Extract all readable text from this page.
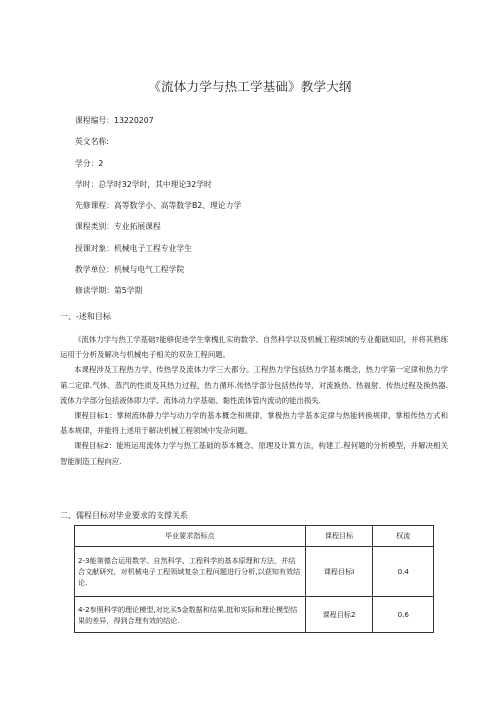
《流体力学与热工学基础》教学大纲
课程编号：13220207
英文名称:
学分：2
学时：总学时32学时，其中理论32学时
先修课程：高等数学小、高等数学B2、理论力学
课程类别：专业拓展课程
授课对象：机械电子工程专业学生
教学单位：机械与电气工程学院
修读学期：第5学期
一、-述和目标

《流体力学与热工学基础?能够促进学生掌槐扎实的数学、自然科学以及机械工程续域的专业葡础知识，并将其熟练运用于分析及解决与机械电子相关的双杂工程问题。

本课程涉及工程热力学、传热学及流体力学三大都分。工程热力学包括热力学基本概念，热力学第一定律和热力学第二定律.气体、蒸汽的性质及其热力过程，热力循环.传热学部分包括热传导、对流换热、热福射、传热过程及换热器.流体力学部分包括液体即力学、流体动力学基础、黏性流体管内流动的能出损失.

课程目标1：掌树流体静力学与动力学的基本概念和规律，掌极热力学基本定律与热能转换规律，掌根传热方式和基本规律，并能将上述用于解决机械工程领域中发杂问题。

课程目标2：能班运用流体力学与热工基础的恭本概念、原理及计算方法，构建工.程何题的分析模型，并解决相关智能制造工程向应.

二、儒程目标对毕业要求的支撑关系
毕业要求指标点	课程目标	权流
2-3能第德合运用数学、自然科学、工程科学的基本原理和方法，并结合文献研究，对机械电子工程领域复杂工程问题进行分析,以获知有效结论.	课程目标I	0.4
4-2参照科学的理论模型,对比买5金数据和结果,挺和实际和理论模型结果的差异，得到合理有效的结论.	课程目标2	0.6
